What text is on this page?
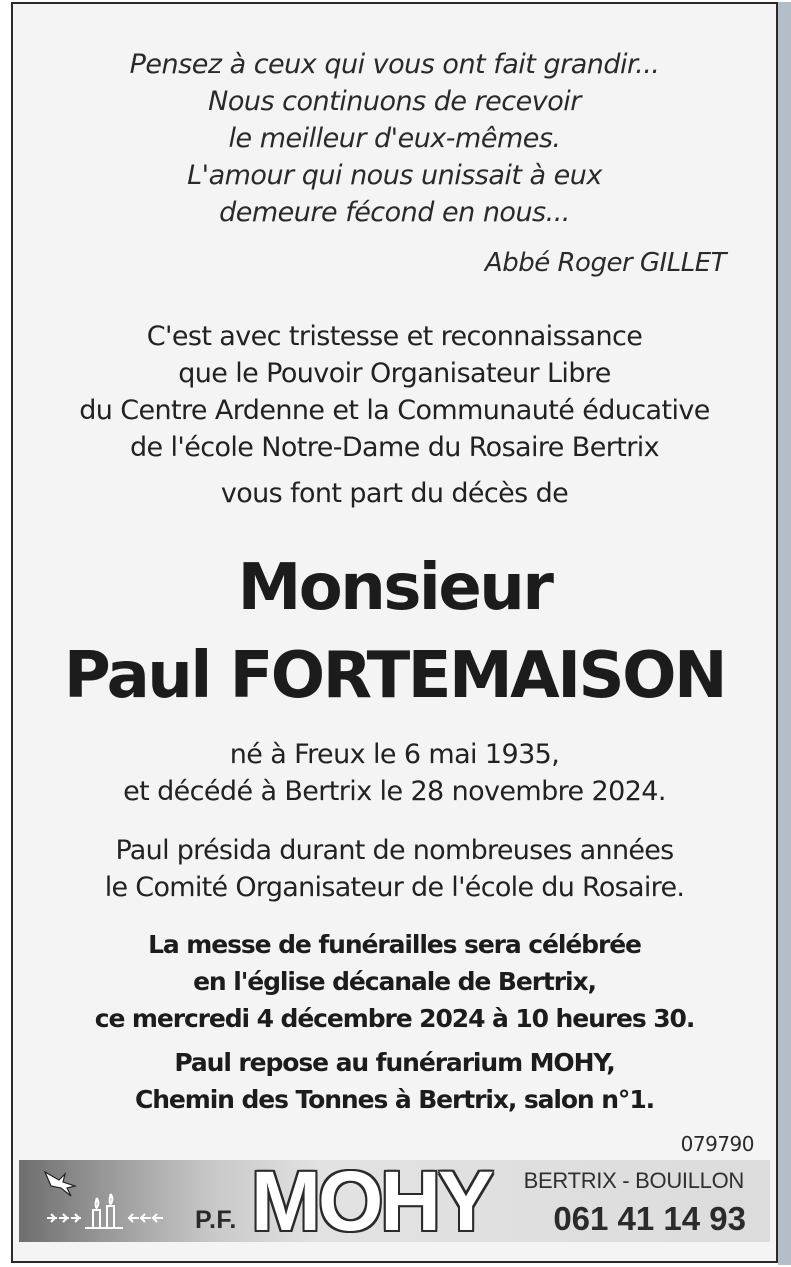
Pensez à ceux qui vous ont fait grandir...
Nous continuons de recevoir
le meilleur d'eux-mêmes.
L'amour qui nous unissait à eux
demeure fécond en nous...
Abbé Roger GILLET
C'est avec tristesse et reconnaissance
que le Pouvoir Organisateur Libre
du Centre Ardenne et la Communauté éducative
de l'école Notre-Dame du Rosaire Bertrix
vous font part du décès de
Monsieur
Paul FORTEMAISON
né à Freux le 6 mai 1935,
et décédé à Bertrix le 28 novembre 2024.
Paul présida durant de nombreuses années
le Comité Organisateur de l'école du Rosaire.
La messe de funérailles sera célébrée
en l'église décanale de Bertrix,
ce mercredi 4 décembre 2024 à 10 heures 30.
Paul repose au funérarium MOHY,
Chemin des Tonnes à Bertrix, salon n°1.
079790
P.F. MOHY BERTRIX - BOUILLON
061 41 14 93
